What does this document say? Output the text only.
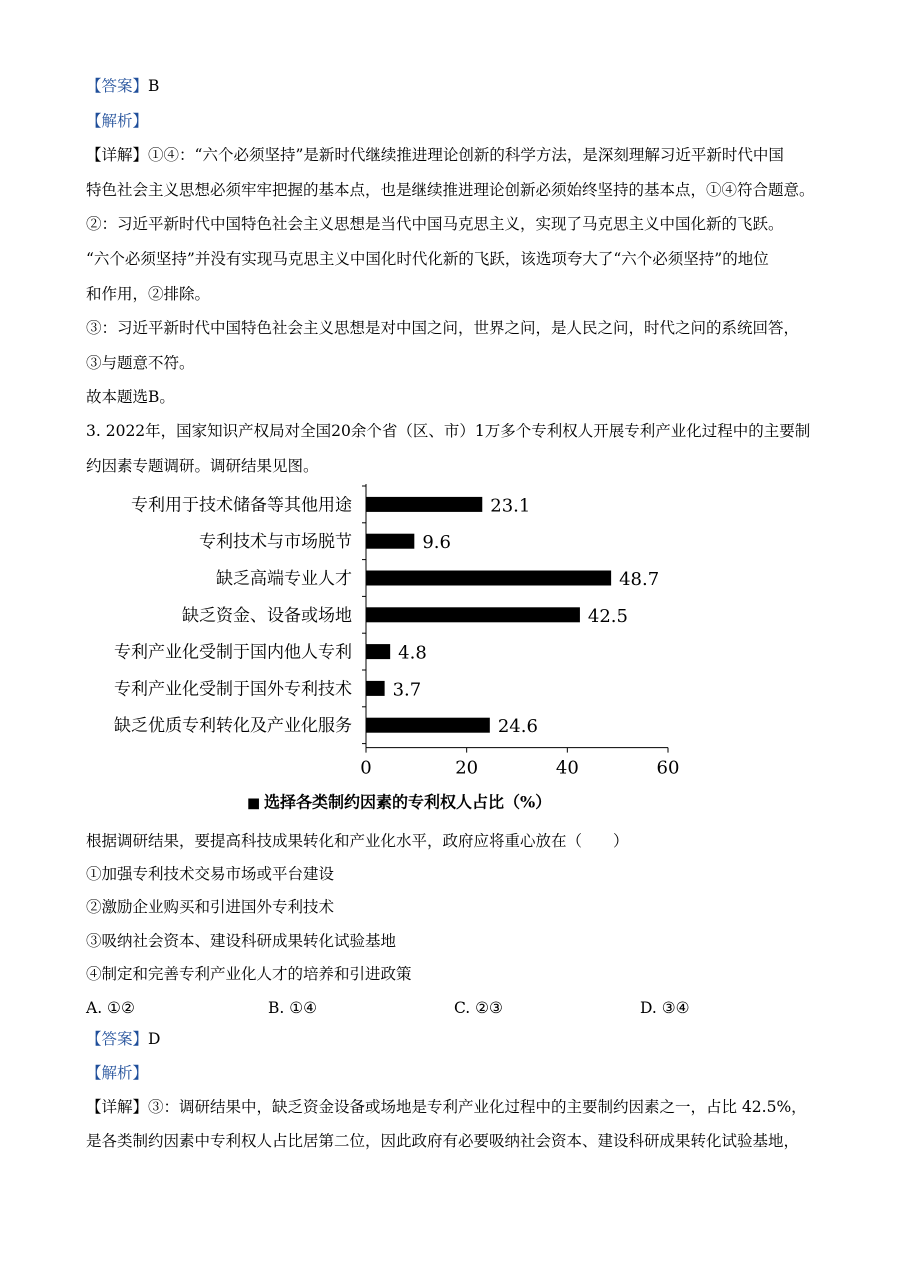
【答案】B
【解析】
【详解】①④：“六个必须坚持”是新时代继续推进理论创新的科学方法，是深刻理解习近平新时代中国
特色社会主义思想必须牢牢把握的基本点，也是继续推进理论创新必须始终坚持的基本点，①④符合题意。
②：习近平新时代中国特色社会主义思想是当代中国马克思主义，实现了马克思主义中国化新的飞跃。
“六个必须坚持”并没有实现马克思主义中国化时代化新的飞跃，该选项夸大了“六个必须坚持”的地位
和作用，②排除。
③：习近平新时代中国特色社会主义思想是对中国之问，世界之问，是人民之问，时代之问的系统回答，
③与题意不符。
故本题选B。
3. 2022年，国家知识产权局对全国20余个省（区、市）1万多个专利权人开展专利产业化过程中的主要制
约因素专题调研。调研结果见图。
专利用于技术储备等其他用途	23.1
专利技术与市场脱节	9.6
缺乏高端专业人才	48.7
缺乏资金、设备或场地	42.5
专利产业化受制于国内他人专利	4.8
专利产业化受制于国外专利技术 3.7
缺乏优质专利转化及产业化服务	24.6
0	20	40	60
■ 选择各类制约因素的专利权人占比（%）
根据调研结果，要提高科技成果转化和产业化水平，政府应将重心放在（　　）
①加强专利技术交易市场或平台建设
②激励企业购买和引进国外专利技术
③吸纳社会资本、建设科研成果转化试验基地
④制定和完善专利产业化人才的培养和引进政策
A. ①②	B. ①④	C. ②③	D. ③④
【答案】D
【解析】
【详解】③：调研结果中，缺乏资金设备或场地是专利产业化过程中的主要制约因素之一，占比 42.5%，
是各类制约因素中专利权人占比居第二位，因此政府有必要吸纳社会资本、建设科研成果转化试验基地，
